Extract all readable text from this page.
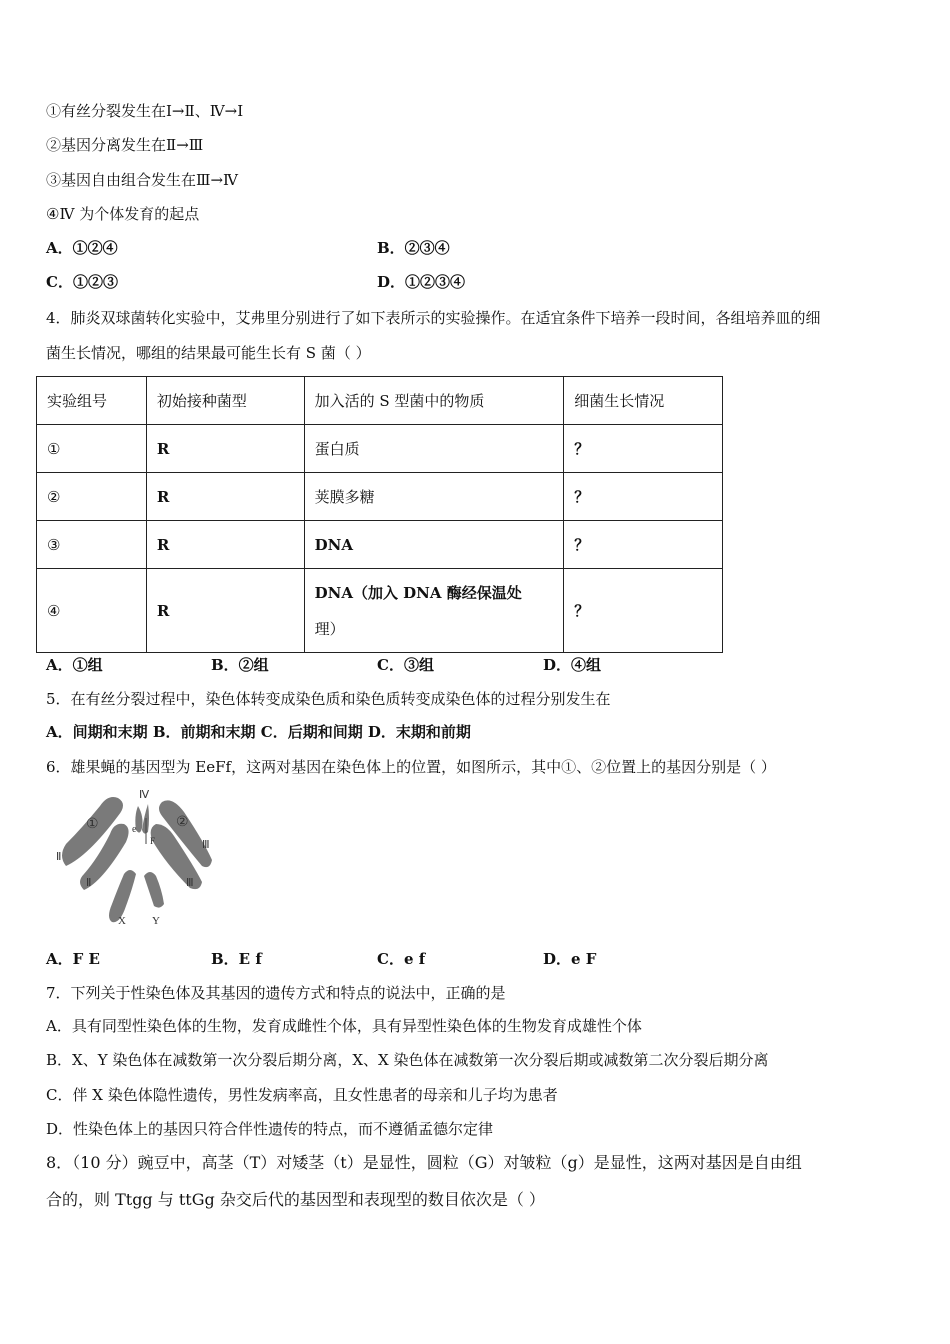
①有丝分裂发生在Ⅰ→Ⅱ、Ⅳ→Ⅰ
②基因分离发生在Ⅱ→Ⅲ
③基因自由组合发生在Ⅲ→Ⅳ
④Ⅳ 为个体发育的起点
A．①②④	B．②③④
C．①②③	D．①②③④
4．肺炎双球菌转化实验中，艾弗里分别进行了如下表所示的实验操作。在适宜条件下培养一段时间，各组培养皿的细
菌生长情况，哪组的结果最可能生长有 S 菌（ ）
实验组号	初始接种菌型	加入活的 S 型菌中的物质	细菌生长情况
①	R	蛋白质	？
②	R	荚膜多糖	？
③	R	DNA	？
④	R	DNA（加入 DNA 酶经保温处
理）	？
A．①组	B．②组	C．③组	D．④组
5．在有丝分裂过程中，染色体转变成染色质和染色质转变成染色体的过程分别发生在
A．间期和末期 B．前期和末期 C．后期和间期 D．末期和前期
6．雄果蝇的基因型为 EeFf，这两对基因在染色体上的位置，如图所示，其中①、②位置上的基因分别是（ ）
Ⅳ
①	②
e
F
Ⅱ
Ⅱ
Ⅲ
Ⅲ
X Y
A．F E	B．E f	C．e f	D．e F
7．下列关于性染色体及其基因的遗传方式和特点的说法中，正确的是
A．具有同型性染色体的生物，发育成雌性个体，具有异型性染色体的生物发育成雄性个体
B．X、Y 染色体在减数第一次分裂后期分离，X、X 染色体在减数第一次分裂后期或减数第二次分裂后期分离
C．伴 X 染色体隐性遗传，男性发病率高，且女性患者的母亲和儿子均为患者
D．性染色体上的基因只符合伴性遗传的特点，而不遵循孟德尔定律
8．（10 分）豌豆中，高茎（T）对矮茎（t）是显性，圆粒（G）对皱粒（g）是显性，这两对基因是自由组
合的，则 Ttgg 与 ttGg 杂交后代的基因型和表现型的数目依次是（ ）
